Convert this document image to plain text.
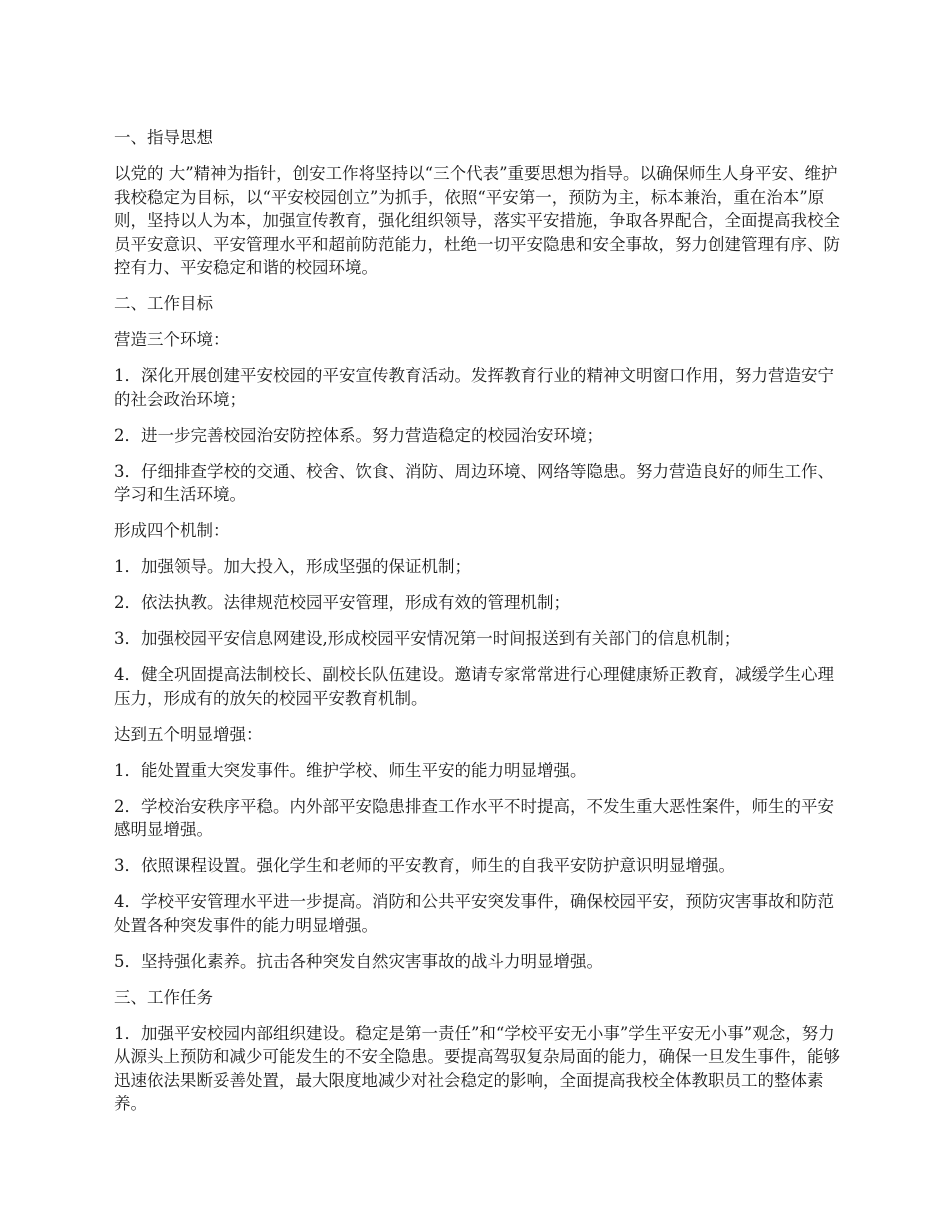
一、指导思想

以党的 大”精神为指针，创安工作将坚持以“三个代表”重要思想为指导。以确保师生人身平安、维护我校稳定为目标，以“平安校园创立”为抓手，依照“平安第一，预防为主，标本兼治，重在治本”原则，坚持以人为本，加强宣传教育，强化组织领导，落实平安措施，争取各界配合，全面提高我校全员平安意识、平安管理水平和超前防范能力，杜绝一切平安隐患和安全事故，努力创建管理有序、防控有力、平安稳定和谐的校园环境。

二、工作目标

营造三个环境：

1．深化开展创建平安校园的平安宣传教育活动。发挥教育行业的精神文明窗口作用，努力营造安宁的社会政治环境；

2．进一步完善校园治安防控体系。努力营造稳定的校园治安环境；

3．仔细排查学校的交通、校舍、饮食、消防、周边环境、网络等隐患。努力营造良好的师生工作、学习和生活环境。

形成四个机制：

1．加强领导。加大投入，形成坚强的保证机制；

2．依法执教。法律规范校园平安管理，形成有效的管理机制；

3．加强校园平安信息网建设,形成校园平安情况第一时间报送到有关部门的信息机制；

4．健全巩固提高法制校长、副校长队伍建设。邀请专家常常进行心理健康矫正教育，减缓学生心理压力，形成有的放矢的校园平安教育机制。

达到五个明显增强：

1．能处置重大突发事件。维护学校、师生平安的能力明显增强。

2．学校治安秩序平稳。内外部平安隐患排查工作水平不时提高，不发生重大恶性案件，师生的平安感明显增强。

3．依照课程设置。强化学生和老师的平安教育，师生的自我平安防护意识明显增强。

4．学校平安管理水平进一步提高。消防和公共平安突发事件，确保校园平安，预防灾害事故和防范处置各种突发事件的能力明显增强。

5．坚持强化素养。抗击各种突发自然灾害事故的战斗力明显增强。

三、工作任务

1．加强平安校园内部组织建设。稳定是第一责任”和“学校平安无小事”学生平安无小事”观念，努力从源头上预防和减少可能发生的不安全隐患。要提高驾驭复杂局面的能力，确保一旦发生事件，能够迅速依法果断妥善处置，最大限度地减少对社会稳定的影响，全面提高我校全体教职员工的整体素养。
